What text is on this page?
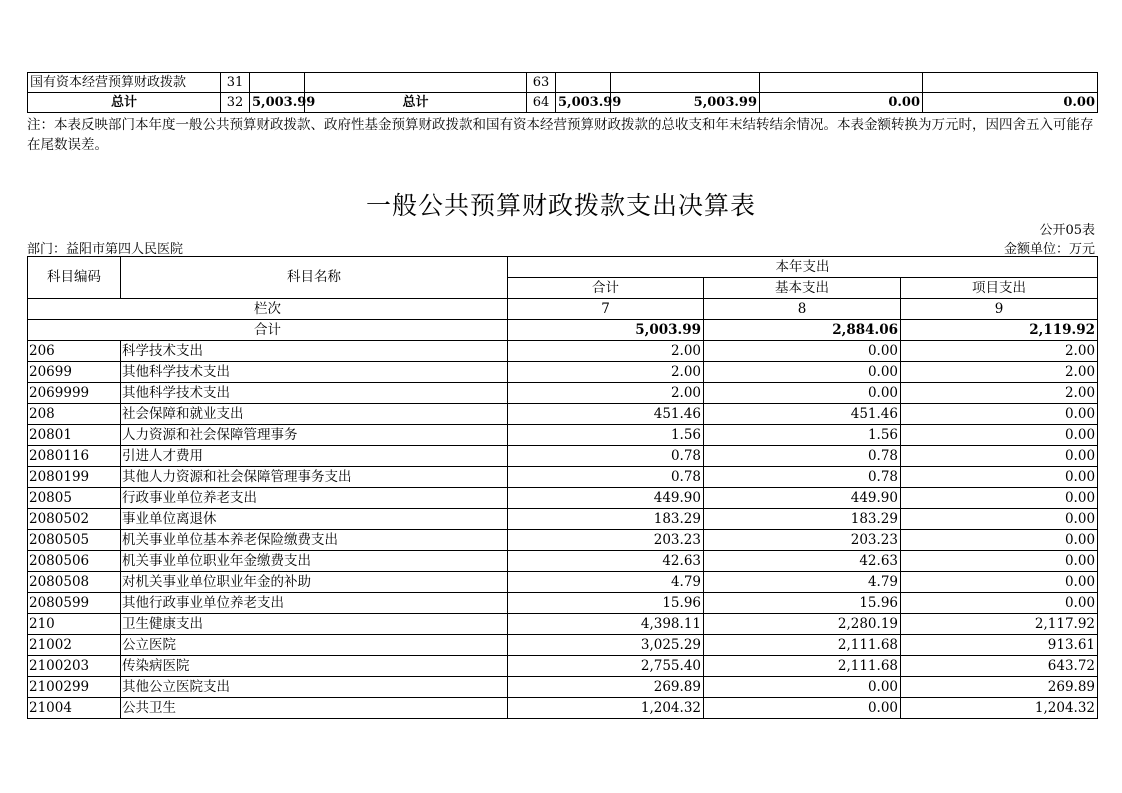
国有资本经营预算财政拨款	31			63				
总计	32	5,003.99	总计	64	5,003.99	5,003.99	0.00	0.00
注：本表反映部门本年度一般公共预算财政拨款、政府性基金预算财政拨款和国有资本经营预算财政拨款的总收支和年末结转结余情况。本表金额转换为万元时，因四舍五入可能存在尾数误差。
一般公共预算财政拨款支出决算表
公开05表
部门：益阳市第四人民医院	金额单位：万元
科目编码	科目名称	本年支出		
		合计	基本支出	项目支出
栏次		7	8	9
合计		5,003.99	2,884.06	2,119.92
206	科学技术支出	2.00	0.00	2.00
20699	其他科学技术支出	2.00	0.00	2.00
2069999	其他科学技术支出	2.00	0.00	2.00
208	社会保障和就业支出	451.46	451.46	0.00
20801	人力资源和社会保障管理事务	1.56	1.56	0.00
2080116	引进人才费用	0.78	0.78	0.00
2080199	其他人力资源和社会保障管理事务支出	0.78	0.78	0.00
20805	行政事业单位养老支出	449.90	449.90	0.00
2080502	事业单位离退休	183.29	183.29	0.00
2080505	机关事业单位基本养老保险缴费支出	203.23	203.23	0.00
2080506	机关事业单位职业年金缴费支出	42.63	42.63	0.00
2080508	对机关事业单位职业年金的补助	4.79	4.79	0.00
2080599	其他行政事业单位养老支出	15.96	15.96	0.00
210	卫生健康支出	4,398.11	2,280.19	2,117.92
21002	公立医院	3,025.29	2,111.68	913.61
2100203	传染病医院	2,755.40	2,111.68	643.72
2100299	其他公立医院支出	269.89	0.00	269.89
21004	公共卫生	1,204.32	0.00	1,204.32
